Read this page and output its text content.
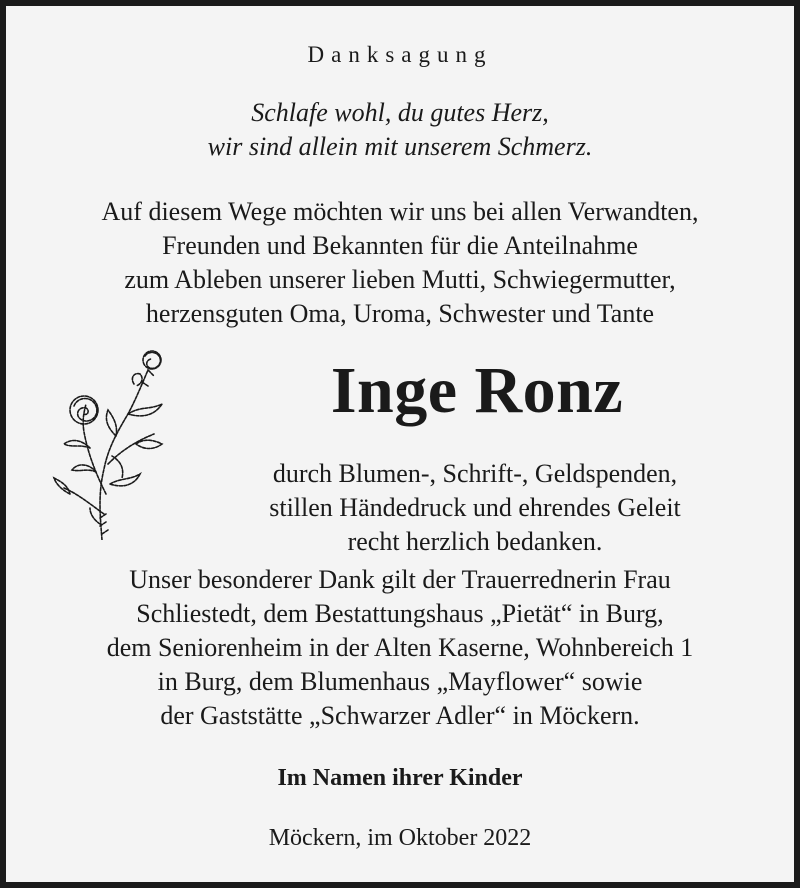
Danksagung
Schlafe wohl, du gutes Herz,
wir sind allein mit unserem Schmerz.
Auf diesem Wege möchten wir uns bei allen Verwandten,
Freunden und Bekannten für die Anteilnahme
zum Ableben unserer lieben Mutti, Schwiegermutter,
herzensguten Oma, Uroma, Schwester und Tante
Inge Ronz
durch Blumen-, Schrift-, Geldspenden,
stillen Händedruck und ehrendes Geleit
recht herzlich bedanken.
Unser besonderer Dank gilt der Trauerrednerin Frau
Schliestedt, dem Bestattungshaus „Pietät“ in Burg,
dem Seniorenheim in der Alten Kaserne, Wohnbereich 1
in Burg, dem Blumenhaus „Mayflower“ sowie
der Gaststätte „Schwarzer Adler“ in Möckern.
Im Namen ihrer Kinder
Möckern, im Oktober 2022
